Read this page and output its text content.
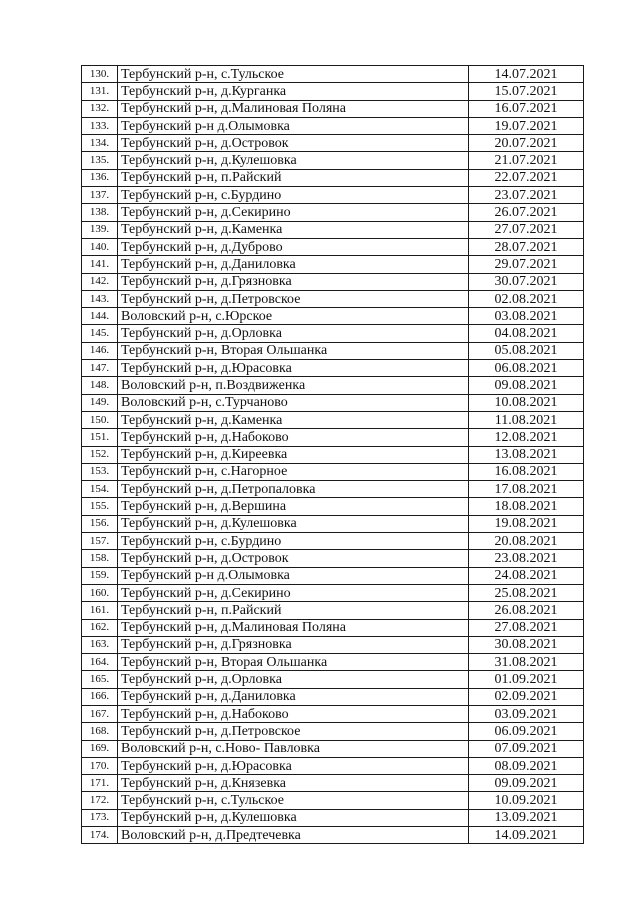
130.	Тербунский р-н, с.Тульское	14.07.2021
131.	Тербунский р-н, д.Курганка	15.07.2021
132.	Тербунский р-н, д.Малиновая Поляна	16.07.2021
133.	Тербунский р-н д.Олымовка	19.07.2021
134.	Тербунский р-н, д.Островок	20.07.2021
135.	Тербунский р-н, д.Кулешовка	21.07.2021
136.	Тербунский р-н, п.Райский	22.07.2021
137.	Тербунский р-н, с.Бурдино	23.07.2021
138.	Тербунский р-н, д.Секирино	26.07.2021
139.	Тербунский р-н, д.Каменка	27.07.2021
140.	Тербунский р-н, д.Дуброво	28.07.2021
141.	Тербунский р-н, д.Даниловка	29.07.2021
142.	Тербунский р-н, д.Грязновка	30.07.2021
143.	Тербунский р-н, д.Петровское	02.08.2021
144.	Воловский р-н, с.Юрское	03.08.2021
145.	Тербунский р-н, д.Орловка	04.08.2021
146.	Тербунский р-н, Вторая Ольшанка	05.08.2021
147.	Тербунский р-н, д.Юрасовка	06.08.2021
148.	Воловский р-н, п.Воздвиженка	09.08.2021
149.	Воловский р-н, с.Турчаново	10.08.2021
150.	Тербунский р-н, д.Каменка	11.08.2021
151.	Тербунский р-н, д.Набоково	12.08.2021
152.	Тербунский р-н, д.Киреевка	13.08.2021
153.	Тербунский р-н, с.Нагорное	16.08.2021
154.	Тербунский р-н, д.Петропаловка	17.08.2021
155.	Тербунский р-н, д.Вершина	18.08.2021
156.	Тербунский р-н, д.Кулешовка	19.08.2021
157.	Тербунский р-н, с.Бурдино	20.08.2021
158.	Тербунский р-н, д.Островок	23.08.2021
159.	Тербунский р-н д.Олымовка	24.08.2021
160.	Тербунский р-н, д.Секирино	25.08.2021
161.	Тербунский р-н, п.Райский	26.08.2021
162.	Тербунский р-н, д.Малиновая Поляна	27.08.2021
163.	Тербунский р-н, д.Грязновка	30.08.2021
164.	Тербунский р-н, Вторая Ольшанка	31.08.2021
165.	Тербунский р-н, д.Орловка	01.09.2021
166.	Тербунский р-н, д.Даниловка	02.09.2021
167.	Тербунский р-н, д.Набоково	03.09.2021
168.	Тербунский р-н, д.Петровское	06.09.2021
169.	Воловский р-н, с.Ново- Павловка	07.09.2021
170.	Тербунский р-н, д.Юрасовка	08.09.2021
171.	Тербунский р-н, д.Князевка	09.09.2021
172.	Тербунский р-н, с.Тульское	10.09.2021
173.	Тербунский р-н, д.Кулешовка	13.09.2021
174.	Воловский р-н, д.Предтечевка	14.09.2021
